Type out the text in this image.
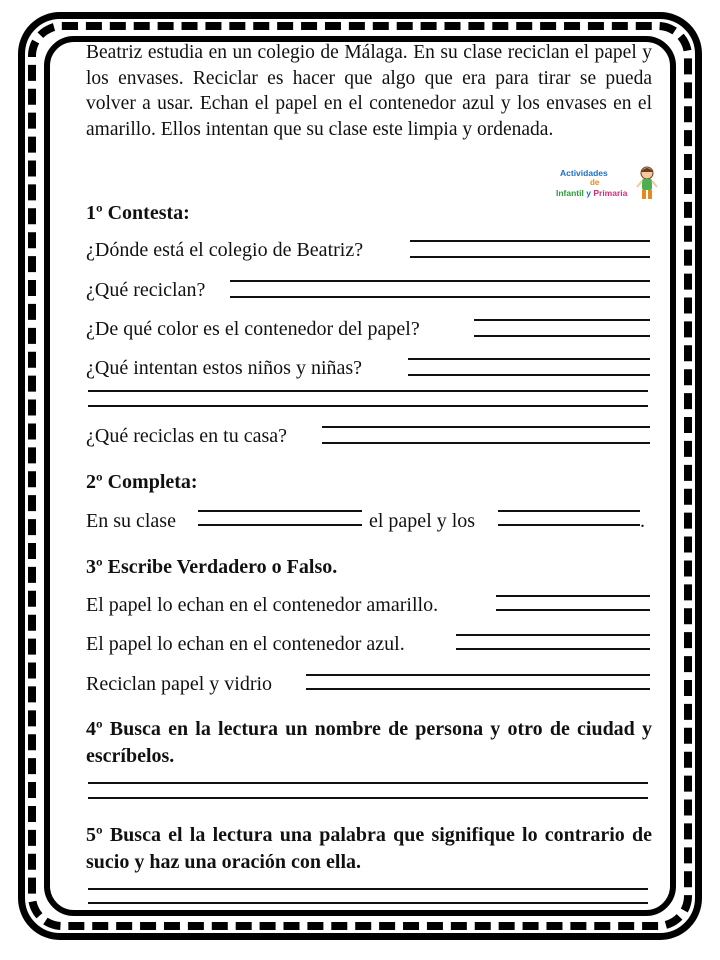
Beatriz estudia en un colegio de Málaga. En su clase reciclan el papel y los envases. Reciclar es hacer que algo que era para tirar se pueda volver a usar. Echan el papel en el contenedor azul y los envases en el amarillo. Ellos intentan que su clase este limpia y ordenada.

Actividades
de
Infantil y Primaria
1º Contesta:
¿Dónde está el colegio de Beatriz?
¿Qué reciclan?
¿De qué color es el contenedor del papel?
¿Qué intentan estos niños y niñas?
¿Qué reciclas en tu casa?
2º Completa:
En su clase	el papel y los	.
3º Escribe Verdadero o Falso.
El papel lo echan en el contenedor amarillo.
El papel lo echan en el contenedor azul.
Reciclan papel y vidrio

4º Busca en la lectura un nombre de persona y otro de ciudad y escríbelos.

5º Busca el la lectura una palabra que signifique lo contrario de sucio y haz una oración con ella.
